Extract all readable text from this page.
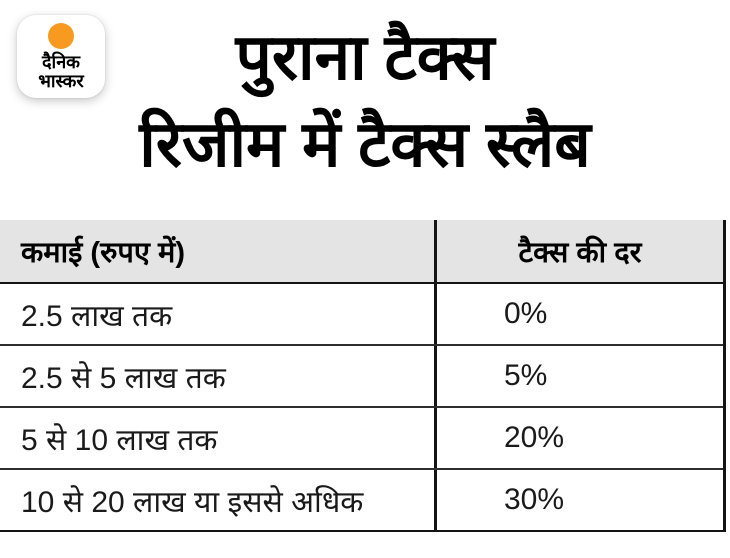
दैनिक
भास्कर	पुराना टैक्स
रिजीम में टैक्स स्लैब
कमाई (रुपए में)	टैक्स की दर
2.5 लाख तक	0%
2.5 से 5 लाख तक	5%
5 से 10 लाख तक	20%
10 से 20 लाख या इससे अधिक	30%
